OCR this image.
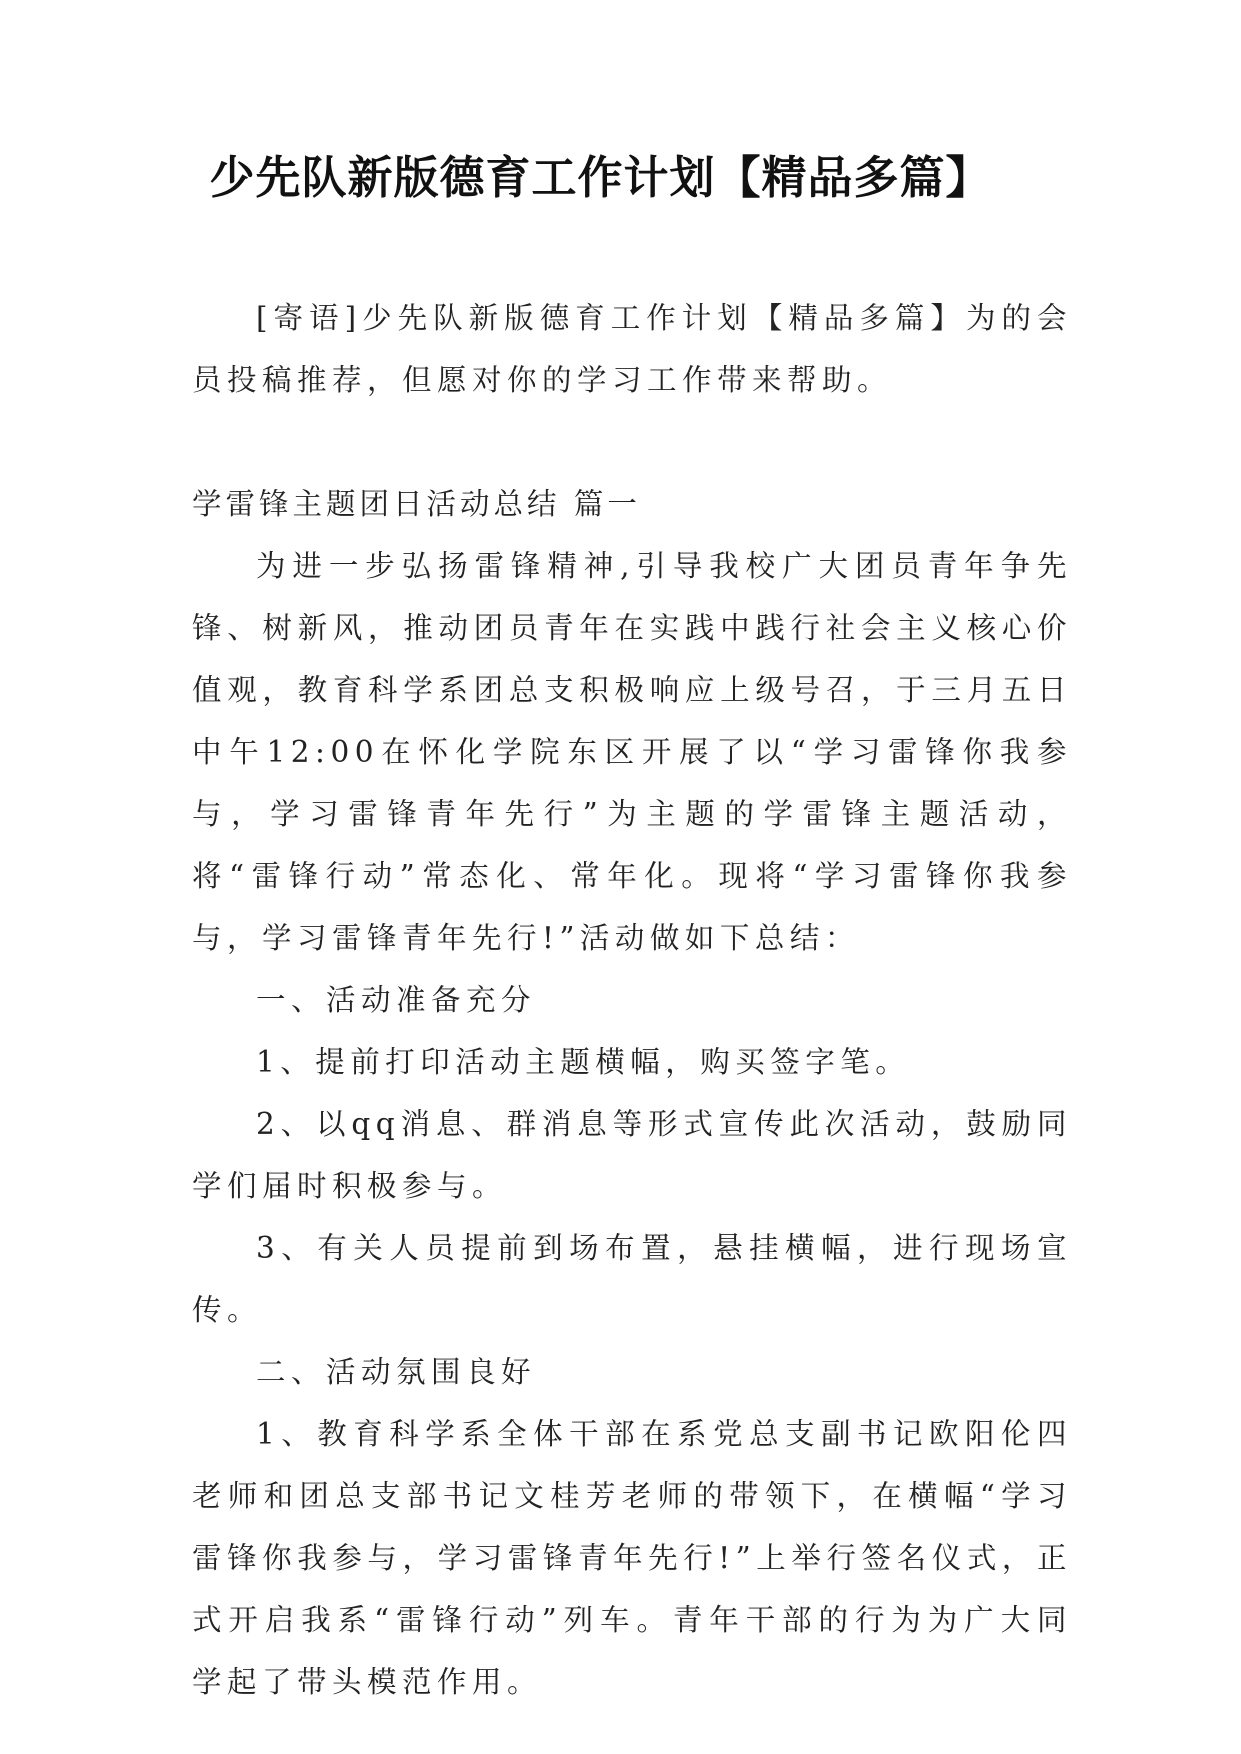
少先队新版德育工作计划【精品多篇】

[寄语]少先队新版德育工作计划【精品多篇】为的会员投稿推荐，但愿对你的学习工作带来帮助。

学雷锋主题团日活动总结 篇一

为进一步弘扬雷锋精神,引导我校广大团员青年争先锋、树新风，推动团员青年在实践中践行社会主义核心价值观，教育科学系团总支积极响应上级号召，于三月五日中午12:00在怀化学院东区开展了以“学习雷锋你我参与，学习雷锋青年先行”为主题的学雷锋主题活动，将“雷锋行动”常态化、常年化。现将“学习雷锋你我参与，学习雷锋青年先行!”活动做如下总结：

一、活动准备充分

1、提前打印活动主题横幅，购买签字笔。

2、以qq消息、群消息等形式宣传此次活动，鼓励同学们届时积极参与。

3、有关人员提前到场布置，悬挂横幅，进行现场宣传。

二、活动氛围良好

1、教育科学系全体干部在系党总支副书记欧阳伦四老师和团总支部书记文桂芳老师的带领下，在横幅“学习雷锋你我参与，学习雷锋青年先行!”上举行签名仪式，正式开启我系“雷锋行动”列车。青年干部的行为为广大同学起了带头模范作用。
